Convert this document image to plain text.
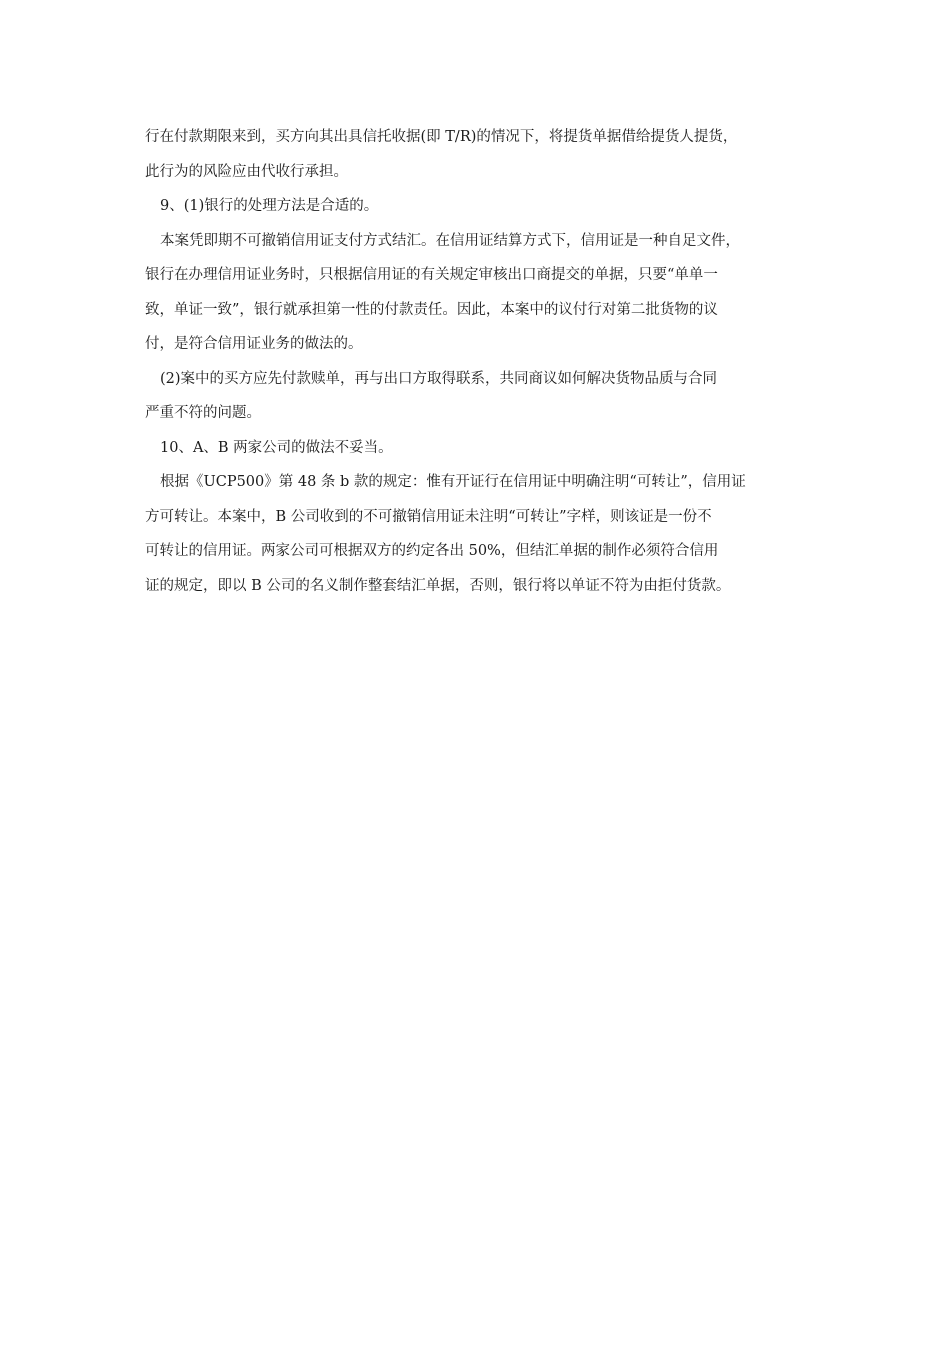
行在付款期限来到，买方向其出具信托收据(即 T/R)的情况下，将提货单据借给提货人提货，
此行为的风险应由代收行承担。
9、(1)银行的处理方法是合适的。
本案凭即期不可撤销信用证支付方式结汇。在信用证结算方式下，信用证是一种自足文件，
银行在办理信用证业务时，只根据信用证的有关规定审核出口商提交的单据，只要“单单一
致，单证一致”，银行就承担第一性的付款责任。因此，本案中的议付行对第二批货物的议
付，是符合信用证业务的做法的。
(2)案中的买方应先付款赎单，再与出口方取得联系，共同商议如何解决货物品质与合同
严重不符的问题。
10、A、B 两家公司的做法不妥当。
根据《UCP500》第 48 条 b 款的规定：惟有开证行在信用证中明确注明“可转让”，信用证
方可转让。本案中，B 公司收到的不可撤销信用证未注明“可转让”字样，则该证是一份不
可转让的信用证。两家公司可根据双方的约定各出 50%，但结汇单据的制作必须符合信用
证的规定，即以 B 公司的名义制作整套结汇单据，否则，银行将以单证不符为由拒付货款。
